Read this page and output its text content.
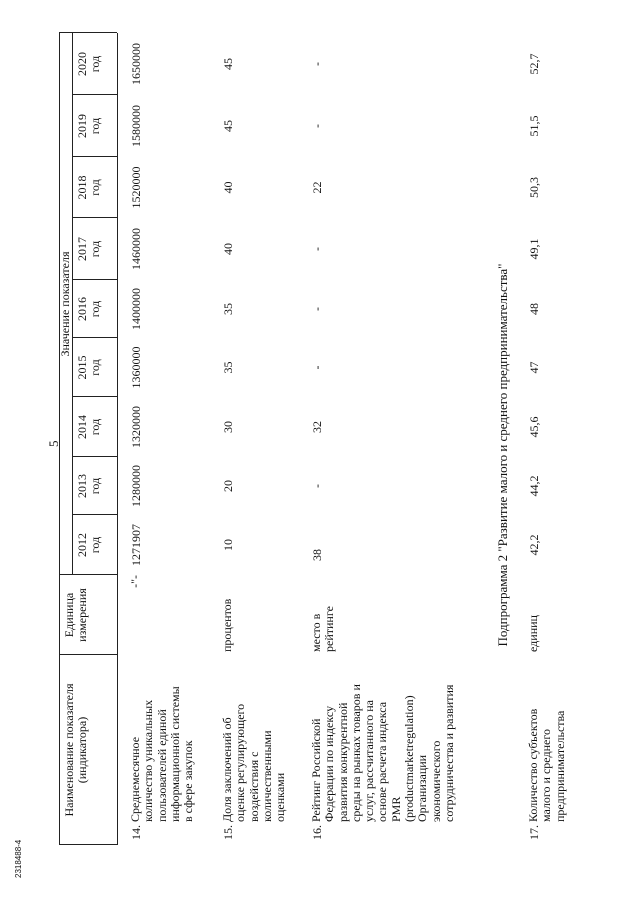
5
2318488-4
Наименование показателя
(индикатора)
Единица
измерения
Значение показателя
2012
год
2013
год
2014
год
2015
год
2016
год
2017
год
2018
год
2019
год
2020
год
14.
Среднемесячное
количество уникальных
пользователей единой
информационной системы
в сфере закупок
-"-
1271907
1280000
1320000
1360000
1400000
1460000
1520000
1580000
1650000
15.
Доля заключений об
оценке регулирующего
воздействия с
количественными
оценками
процентов
10
20
30
35
35
40
40
45
45
16.
Рейтинг Российской
Федерации по индексу
развития конкурентной
среды на рынках товаров и
услуг, рассчитанного на
основе расчета индекса
PMR
(productmarketregulation)
Организации
экономического
сотрудничества и развития
место в
рейтинге
38
-
32
-
-
-
22
-
-
Подпрограмма 2 "Развитие малого и среднего предпринимательства"
17.
Количество субъектов
малого и среднего
предпринимательства
единиц
42,2
44,2
45,6
47
48
49,1
50,3
51,5
52,7
